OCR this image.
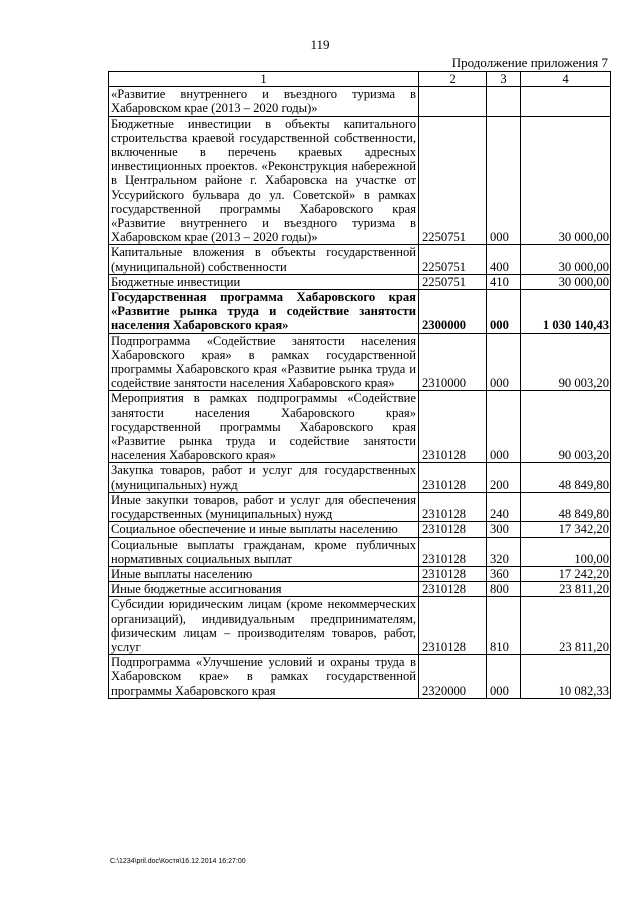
119
Продолжение приложения 7
1	2	3	4
«Развитие внутреннего и въездного туризма в Хабаровском крае (2013 – 2020 годы)»			
Бюджетные инвестиции в объекты капитального строительства краевой государственной собственности, включенные в перечень краевых адресных инвестиционных проектов. «Реконструкция набережной в Центральном районе г. Хабаровска на участке от Уссурийского бульвара до ул. Советской» в рамках государственной программы Хабаровского края «Развитие внутреннего и въездного туризма в Хабаровском крае (2013 – 2020 годы)»	2250751	000	30 000,00
Капитальные вложения в объекты государственной (муниципальной) собственности	2250751	400	30 000,00
Бюджетные инвестиции	2250751	410	30 000,00
Государственная программа Хабаровского края «Развитие рынка труда и содействие занятости населения Хабаровского края»	2300000	000	1 030 140,43
Подпрограмма «Содействие занятости населения Хабаровского края» в рамках государственной программы Хабаровского края «Развитие рынка труда и содействие занятости населения Хабаровского края»	2310000	000	90 003,20
Мероприятия в рамках подпрограммы «Содействие занятости населения Хабаровского края» государственной программы Хабаровского края «Развитие рынка труда и содействие занятости населения Хабаровского края»	2310128	000	90 003,20
Закупка товаров, работ и услуг для государственных (муниципальных) нужд	2310128	200	48 849,80
Иные закупки товаров, работ и услуг для обеспечения государственных (муниципальных) нужд	2310128	240	48 849,80
Социальное обеспечение и иные выплаты населению	2310128	300	17 342,20
Социальные выплаты гражданам, кроме публичных нормативных социальных выплат	2310128	320	100,00
Иные выплаты населению	2310128	360	17 242,20
Иные бюджетные ассигнования	2310128	800	23 811,20
Субсидии юридическим лицам (кроме некоммерческих организаций), индивидуальным предпринимателям, физическим лицам – производителям товаров, работ, услуг	2310128	810	23 811,20
Подпрограмма «Улучшение условий и охраны труда в Хабаровском крае» в рамках государственной программы Хабаровского края	2320000	000	10 082,33
C:\1234\pril.doc\Костя\16.12.2014 16:27:00
